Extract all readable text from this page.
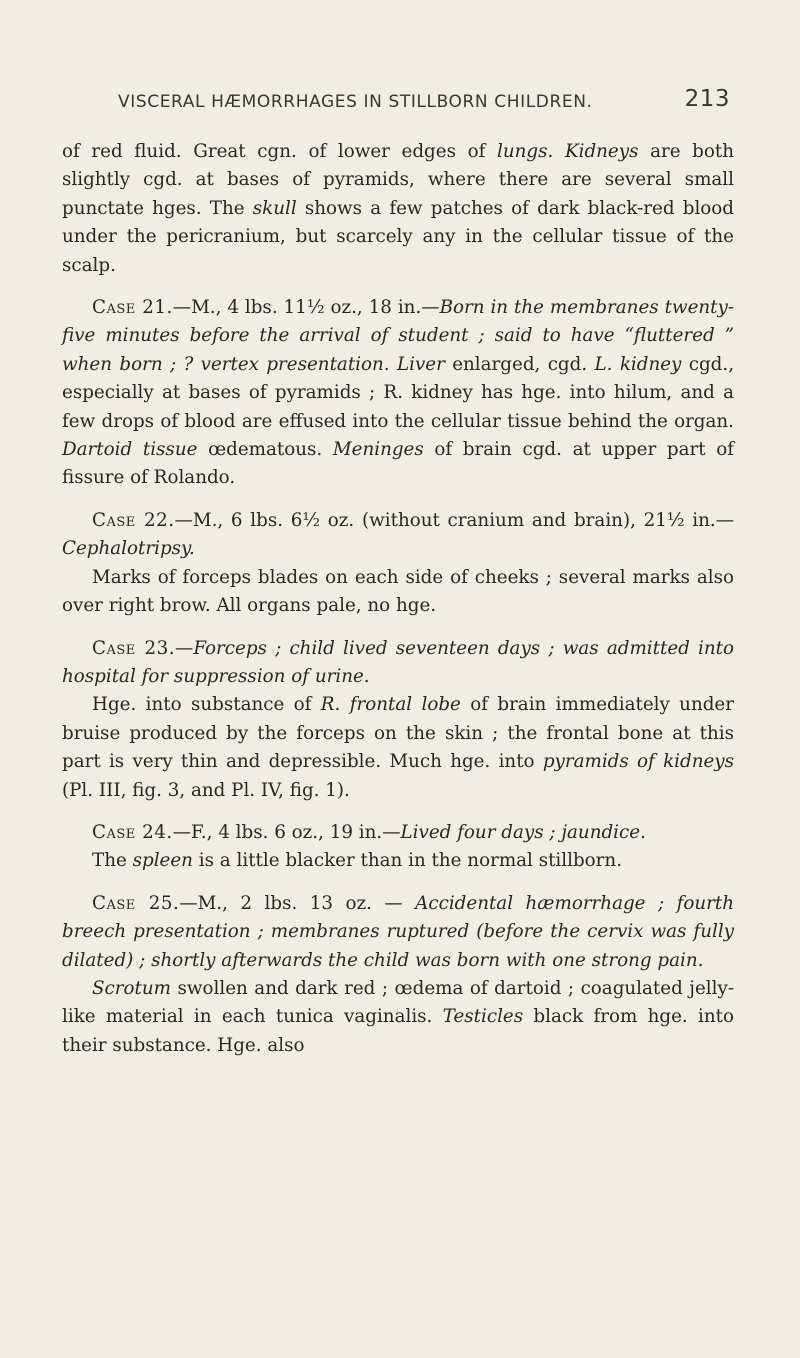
VISCERAL HÆMORRHAGES IN STILLBORN CHILDREN.	213

of red fluid. Great cgn. of lower edges of lungs. Kidneys are both slightly cgd. at bases of pyramids, where there are several small punctate hges. The skull shows a few patches of dark black-red blood under the pericranium, but scarcely any in the cellular tissue of the scalp.

Case 21.—M., 4 lbs. 11½ oz., 18 in.—Born in the membranes twenty-five minutes before the arrival of student ; said to have “fluttered ” when born ; ? vertex presentation. Liver enlarged, cgd. L. kidney cgd., especially at bases of pyramids ; R. kidney has hge. into hilum, and a few drops of blood are effused into the cellular tissue behind the organ. Dartoid tissue œdematous. Meninges of brain cgd. at upper part of fissure of Rolando.

Case 22.—M., 6 lbs. 6½ oz. (without cranium and brain), 21½ in.—Cephalotripsy.

Marks of forceps blades on each side of cheeks ; several marks also over right brow. All organs pale, no hge.

Case 23.—Forceps ; child lived seventeen days ; was admitted into hospital for suppression of urine.

Hge. into substance of R. frontal lobe of brain immediately under bruise produced by the forceps on the skin ; the frontal bone at this part is very thin and depressible. Much hge. into pyramids of kidneys (Pl. III, fig. 3, and Pl. IV, fig. 1).

Case 24.—F., 4 lbs. 6 oz., 19 in.—Lived four days ; jaundice.

The spleen is a little blacker than in the normal stillborn.

Case 25.—M., 2 lbs. 13 oz. — Accidental hæmorrhage ; fourth breech presentation ; membranes ruptured (before the cervix was fully dilated) ; shortly afterwards the child was born with one strong pain.

Scrotum swollen and dark red ; œdema of dartoid ; coagulated jelly-like material in each tunica vaginalis. Testicles black from hge. into their substance. Hge. also
